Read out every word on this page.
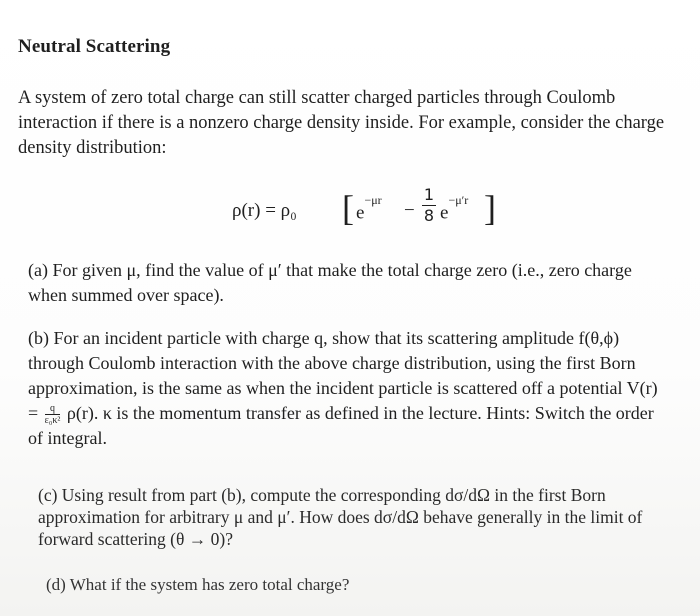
Neutral Scattering
A system of zero total charge can still scatter charged particles through Coulomb interaction if there is a nonzero charge density inside. For example, consider the charge density distribution:
ρ(r) = ρ₀ [ $e^{-\mu r}$ −
1
8 $e^{-\mu'r}$ ]
(a) For given μ, find the value of μ′ that make the total charge zero (i.e., zero charge when summed over space).
(b) For an incident particle with charge q, show that its scattering amplitude f(θ,ϕ) through Coulomb interaction with the above charge distribution, using the first Born approximation, is the same as when the incident particle is scattered off a potential $V(r) = \frac{q}{\text{ε₀κ²}} \rho(r)$. κ is the momentum transfer as defined in the lecture. Hints: Switch the order of integral.
(c) Using result from part (b), compute the corresponding dσ/dΩ in the first Born approximation for arbitrary μ and μ′. How does dσ/dΩ behave generally in the limit of forward scattering (θ → 0)?
(d) What if the system has zero total charge?
